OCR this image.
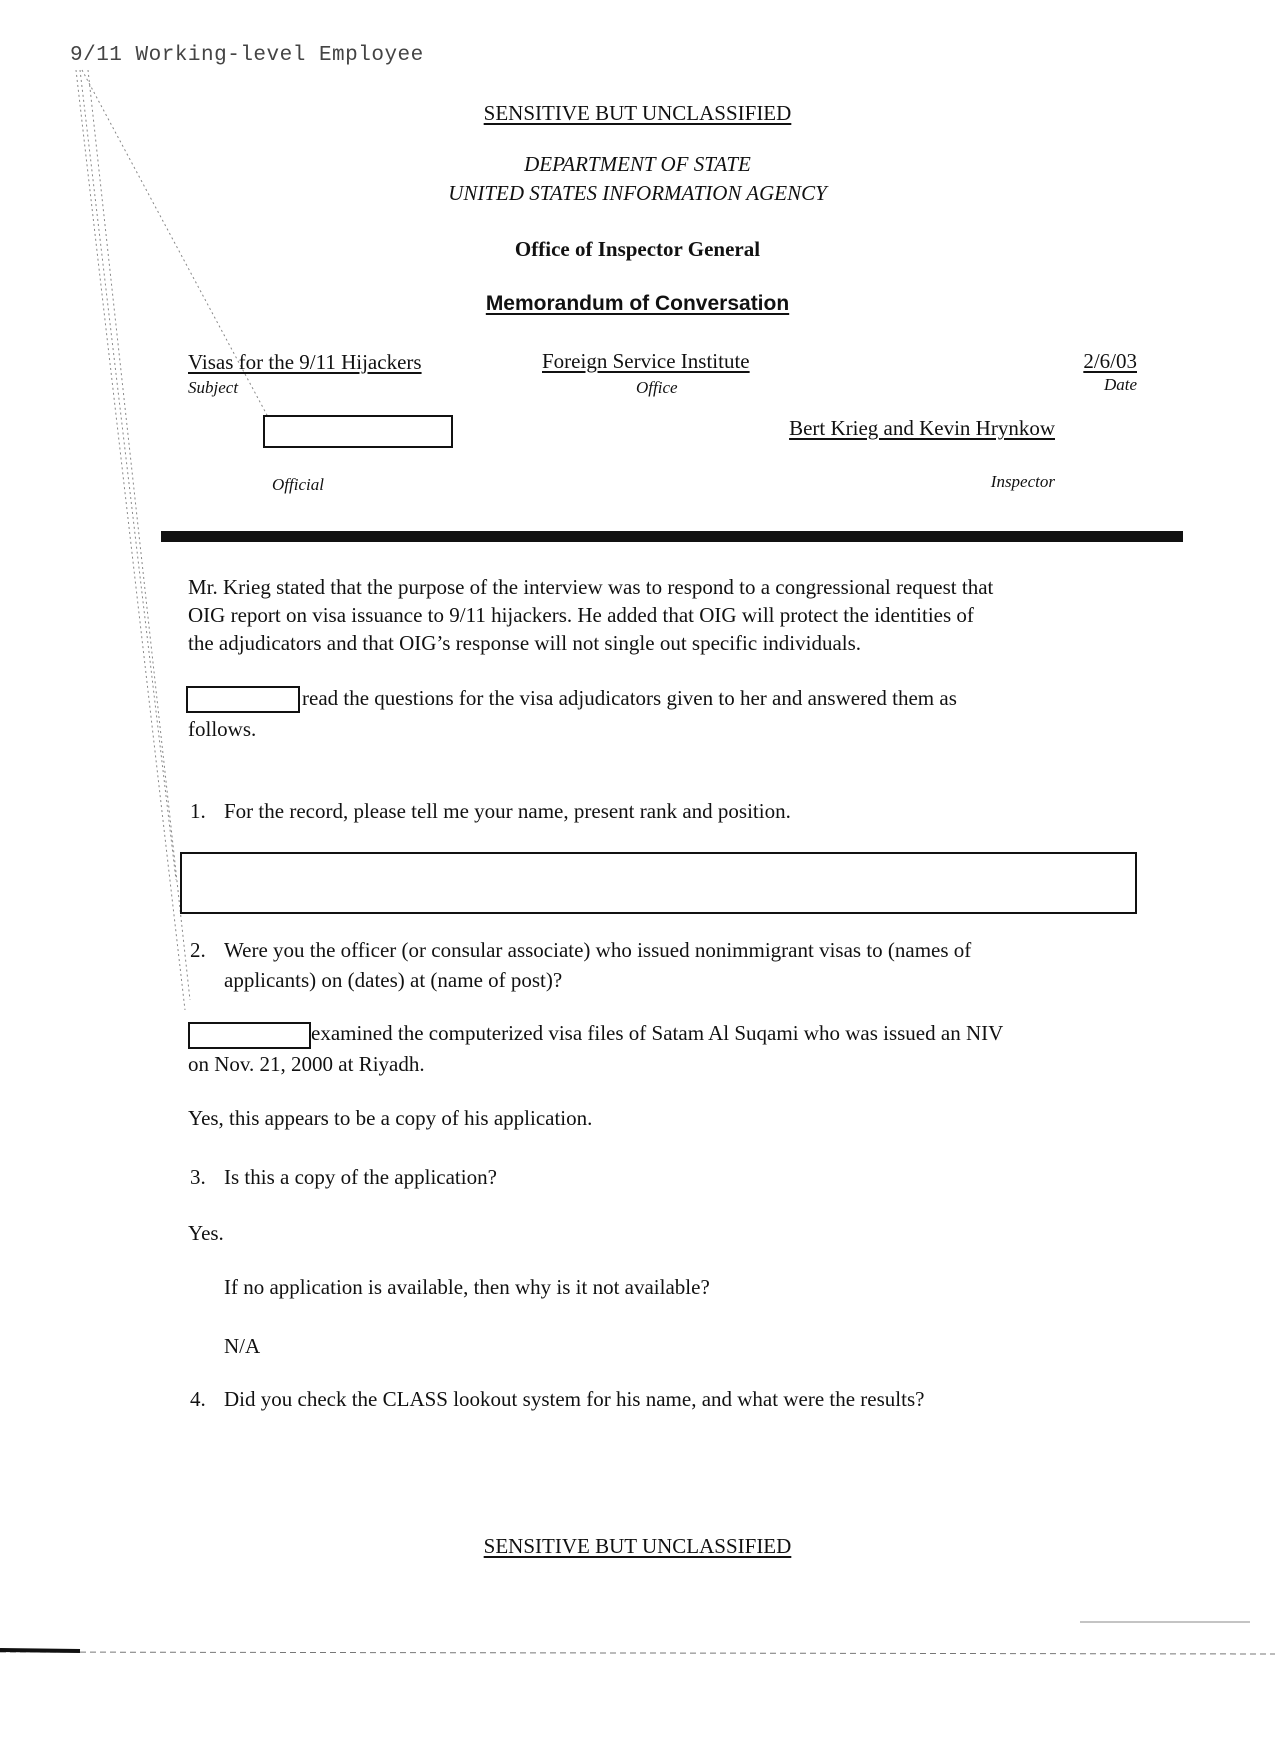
9/11 Working-level Employee
SENSITIVE BUT UNCLASSIFIED
DEPARTMENT OF STATE
UNITED STATES INFORMATION AGENCY
Office of Inspector General
Memorandum of Conversation
Visas for the 9/11 Hijackers
Subject
Foreign Service Institute
Office
2/6/03
Date
Bert Krieg and Kevin Hrynkow
Official	Inspector
Mr. Krieg stated that the purpose of the interview was to respond to a congressional request that
OIG report on visa issuance to 9/11 hijackers. He added that OIG will protect the identities of
the adjudicators and that OIG’s response will not single out specific individuals.
read the questions for the visa adjudicators given to her and answered them as
follows.
1. For the record, please tell me your name, present rank and position.
2. Were you the officer (or consular associate) who issued nonimmigrant visas to (names of
applicants) on (dates) at (name of post)?
examined the computerized visa files of Satam Al Suqami who was issued an NIV
on Nov. 21, 2000 at Riyadh.
Yes, this appears to be a copy of his application.
3. Is this a copy of the application?
Yes.
If no application is available, then why is it not available?
N/A
4. Did you check the CLASS lookout system for his name, and what were the results?
SENSITIVE BUT UNCLASSIFIED
